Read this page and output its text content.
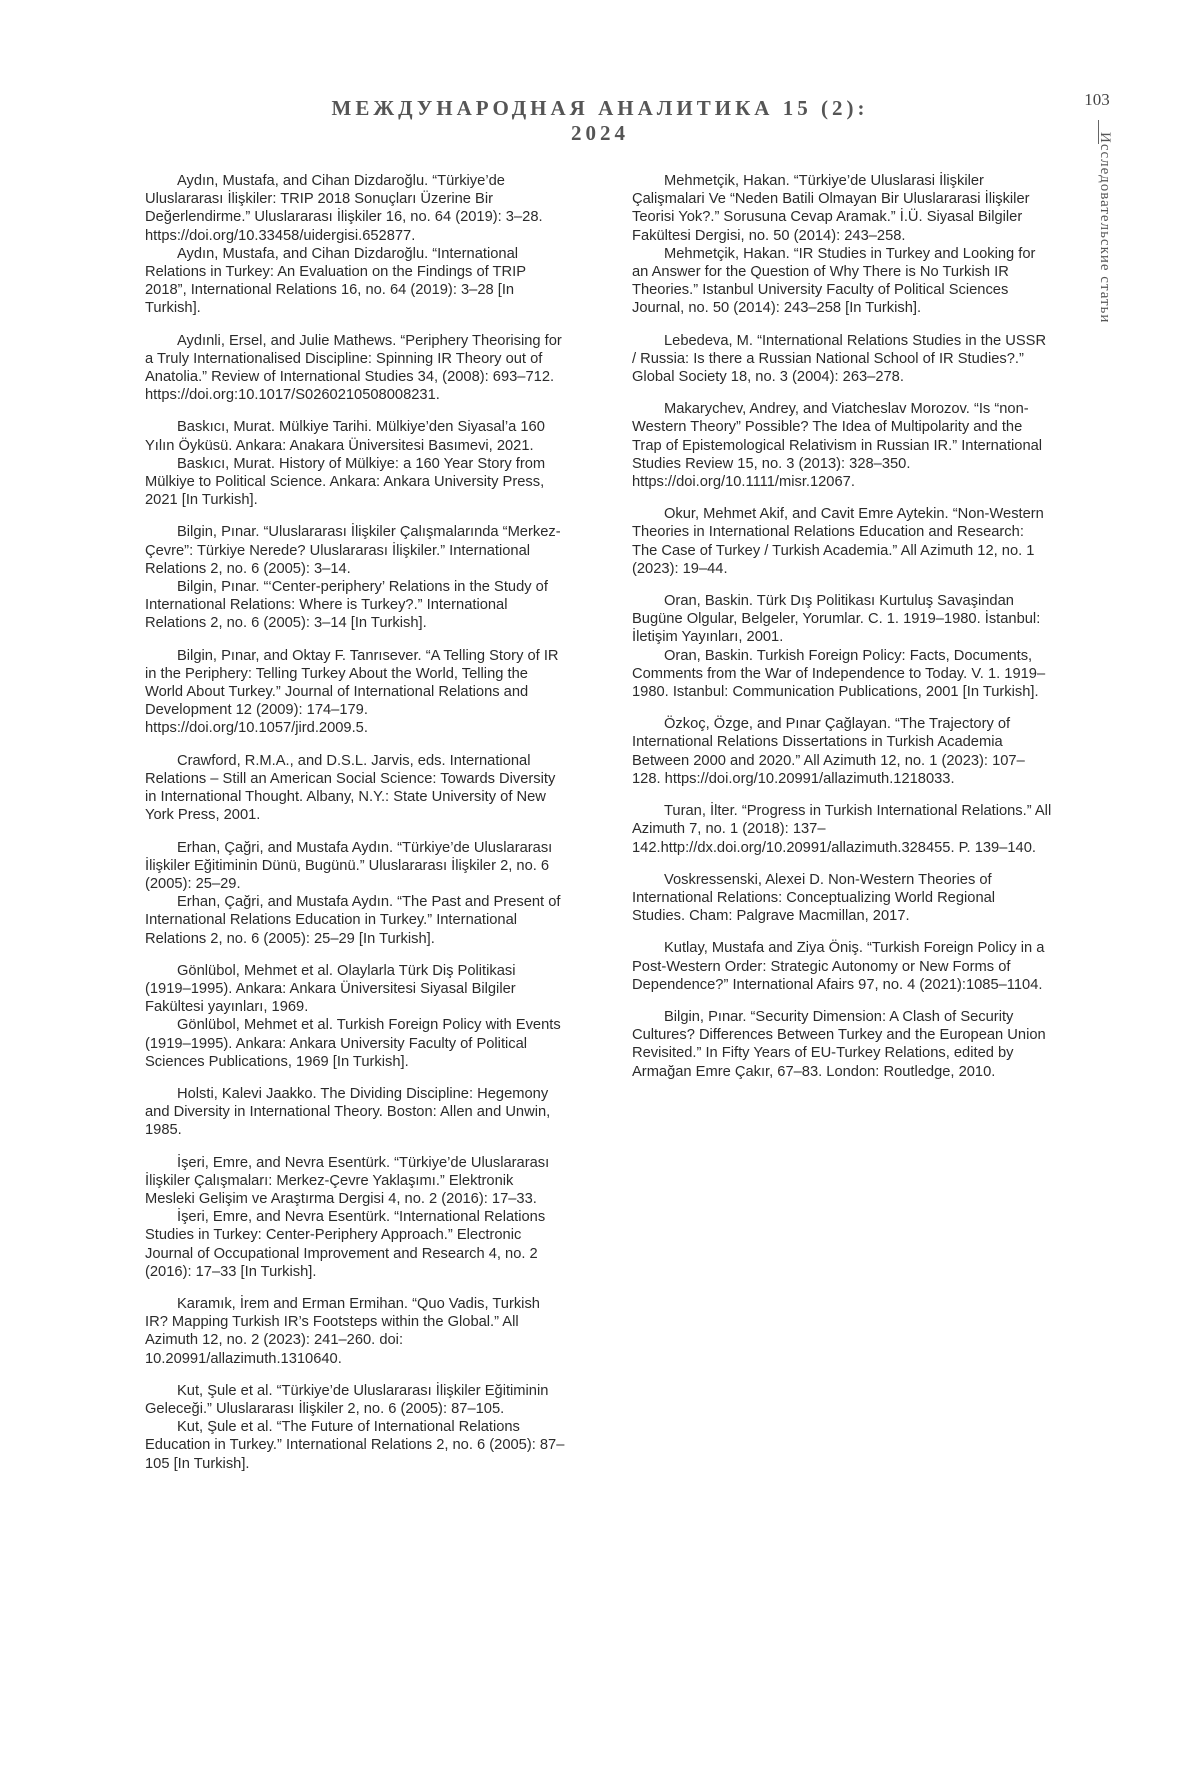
МЕЖДУНАРОДНАЯ АНАЛИТИКА 15 (2): 2024
103
Исследовательские статьи

Aydın, Mustafa, and Cihan Dizdaroğlu. “Türkiye’de Uluslararası İlişkiler: TRIP 2018 Sonuçları Üzerine Bir Değerlendirme.” Uluslararası İlişkiler 16, no. 64 (2019): 3–28. https://doi.org/10.33458/uidergisi.652877.

Aydın, Mustafa, and Cihan Dizdaroğlu. “International Relations in Turkey: An Evaluation on the Findings of TRIP 2018”, International Relations 16, no. 64 (2019): 3–28 [In Turkish].

Aydınli, Ersel, and Julie Mathews. “Periphery Theorising for a Truly Internationalised Discipline: Spinning IR Theory out of Anatolia.” Review of International Studies 34, (2008): 693–712. https://doi.org:10.1017/S0260210508008231.

Baskıcı, Murat. Mülkiye Tarihi. Mülkiye’den Siyasal’a 160 Yılın Öyküsü. Ankara: Anakara Üniversitesi Basımevi, 2021.

Baskıcı, Murat. History of Mülkiye: a 160 Year Story from Mülkiye to Political Science. Ankara: Ankara University Press, 2021 [In Turkish].

Bilgin, Pınar. “Uluslararası İlişkiler Çalışmalarında “Merkez-Çevre”: Türkiye Nerede? Uluslararası İlişkiler.” International Relations 2, no. 6 (2005): 3–14.

Bilgin, Pınar. “‘Center-periphery’ Relations in the Study of International Relations: Where is Turkey?.” International Relations 2, no. 6 (2005): 3–14 [In Turkish].

Bilgin, Pınar, and Oktay F. Tanrısever. “A Telling Story of IR in the Periphery: Telling Turkey About the World, Telling the World About Turkey.” Journal of International Relations and Development 12 (2009): 174–179. https://doi.org/10.1057/jird.2009.5.

Crawford, R.M.A., and D.S.L. Jarvis, eds. International Relations – Still an American Social Science: Towards Diversity in International Thought. Albany, N.Y.: State University of New York Press, 2001.

Erhan, Çağri, and Mustafa Aydın. “Türkiye’de Uluslararası İlişkiler Eğitiminin Dünü, Bugünü.” Uluslararası İlişkiler 2, no. 6 (2005): 25–29.

Erhan, Çağri, and Mustafa Aydın. “The Past and Present of International Relations Education in Turkey.” International Relations 2, no. 6 (2005): 25–29 [In Turkish].

Gönlübol, Mehmet et al. Olaylarla Türk Diş Politikasi (1919–1995). Ankara: Ankara Üniversitesi Siyasal Bilgiler Fakültesi yayınları, 1969.

Gönlübol, Mehmet et al. Turkish Foreign Policy with Events (1919–1995). Ankara: Ankara University Faculty of Political Sciences Publications, 1969 [In Turkish].

Holsti, Kalevi Jaakko. The Dividing Discipline: Hegemony and Diversity in International Theory. Boston: Allen and Unwin, 1985.

İşeri, Emre, and Nevra Esentürk. “Türkiye’de Uluslararası İlişkiler Çalışmaları: Merkez-Çevre Yaklaşımı.” Elektronik Mesleki Gelişim ve Araştırma Dergisi 4, no. 2 (2016): 17–33.

İşeri, Emre, and Nevra Esentürk. “International Relations Studies in Turkey: Center-Periphery Approach.” Electronic Journal of Occupational Improvement and Research 4, no. 2 (2016): 17–33 [In Turkish].

Karamık, İrem and Erman Ermihan. “Quo Vadis, Turkish IR? Mapping Turkish IR’s Footsteps within the Global.” All Azimuth 12, no. 2 (2023): 241–260. doi: 10.20991/allazimuth.1310640.

Kut, Şule et al. “Türkiye’de Uluslararası İlişkiler Eğitiminin Geleceği.” Uluslararası İlişkiler 2, no. 6 (2005): 87–105.

Kut, Şule et al. “The Future of International Relations Education in Turkey.” International Relations 2, no. 6 (2005): 87–105 [In Turkish].

Mehmetçik, Hakan. “Türkiye’de Uluslarasi İlişkiler Çalişmalari Ve “Neden Batili Olmayan Bir Uluslararasi İlişkiler Teorisi Yok?.” Sorusuna Cevap Aramak.” İ.Ü. Siyasal Bilgiler Fakültesi Dergisi, no. 50 (2014): 243–258.

Mehmetçik, Hakan. “IR Studies in Turkey and Looking for an Answer for the Question of Why There is No Turkish IR Theories.” Istanbul University Faculty of Political Sciences Journal, no. 50 (2014): 243–258 [In Turkish].

Lebedeva, M. “International Relations Studies in the USSR / Russia: Is there a Russian National School of IR Studies?.” Global Society 18, no. 3 (2004): 263–278.

Makarychev, Andrey, and Viatcheslav Morozov. “Is “non-Western Theory” Possible? The Idea of Multipolarity and the Trap of Epistemological Relativism in Russian IR.” International Studies Review 15, no. 3 (2013): 328–350. https://doi.org/10.1111/misr.12067.

Okur, Mehmet Akif, and Cavit Emre Aytekin. “Non-Western Theories in International Relations Education and Research: The Case of Turkey / Turkish Academia.” All Azimuth 12, no. 1 (2023): 19–44.

Oran, Baskin. Türk Dış Politikası Kurtuluş Savaşindan Bugüne Olgular, Belgeler, Yorumlar. C. 1. 1919–1980. İstanbul: İletişim Yayınları, 2001.

Oran, Baskin. Turkish Foreign Policy: Facts, Documents, Comments from the War of Independence to Today. V. 1. 1919–1980. Istanbul: Communication Publications, 2001 [In Turkish].

Özkoç, Özge, and Pınar Çağlayan. “The Trajectory of International Relations Dissertations in Turkish Academia Between 2000 and 2020.” All Azimuth 12, no. 1 (2023): 107–128. https://doi.org/10.20991/allazimuth.1218033.

Turan, İlter. “Progress in Turkish International Relations.” All Azimuth 7, no. 1 (2018): 137–142.http://dx.doi.org/10.20991/allazimuth.328455. P. 139–140.

Voskressenski, Alexei D. Non-Western Theories of International Relations: Conceptualizing World Regional Studies. Cham: Palgrave Macmillan, 2017.

Kutlay, Mustafa and Ziya Öniş. “Turkish Foreign Policy in a Post-Western Order: Strategic Autonomy or New Forms of Dependence?” International Afairs 97, no. 4 (2021):1085–1104.

Bilgin, Pınar. “Security Dimension: A Clash of Security Cultures? Differences Between Turkey and the European Union Revisited.” In Fifty Years of EU-Turkey Relations, edited by Armağan Emre Çakır, 67–83. London: Routledge, 2010.
